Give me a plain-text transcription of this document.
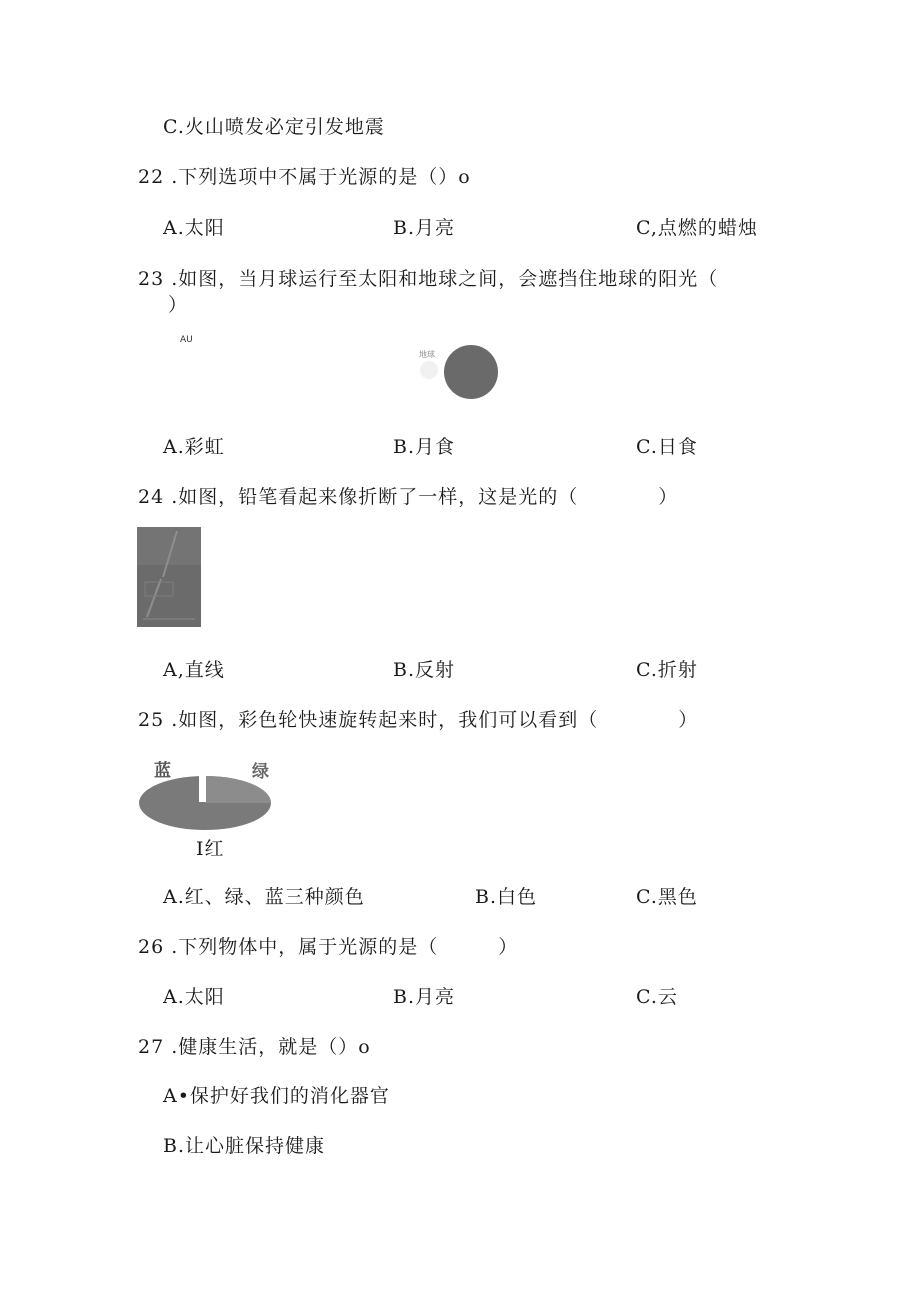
C.火山喷发必定引发地震
22 .下列选项中不属于光源的是（）o
A.太阳	B.月亮	C,点燃的蜡烛
23 .如图，当月球运行至太阳和地球之间，会遮挡住地球的阳光（
）
AU
地球
A.彩虹	B.月食	C.日食
24 .如图，铅笔看起来像折断了一样，这是光的（　　　　）
A,直线	B.反射	C.折射
25 .如图，彩色轮快速旋转起来时，我们可以看到（　　　　）
蓝	绿
I红
A.红、绿、蓝三种颜色	B.白色	C.黑色
26 .下列物体中，属于光源的是（　　　）
A.太阳	B.月亮	C.云
27 .健康生活，就是（）o
A•保护好我们的消化器官
B.让心脏保持健康
